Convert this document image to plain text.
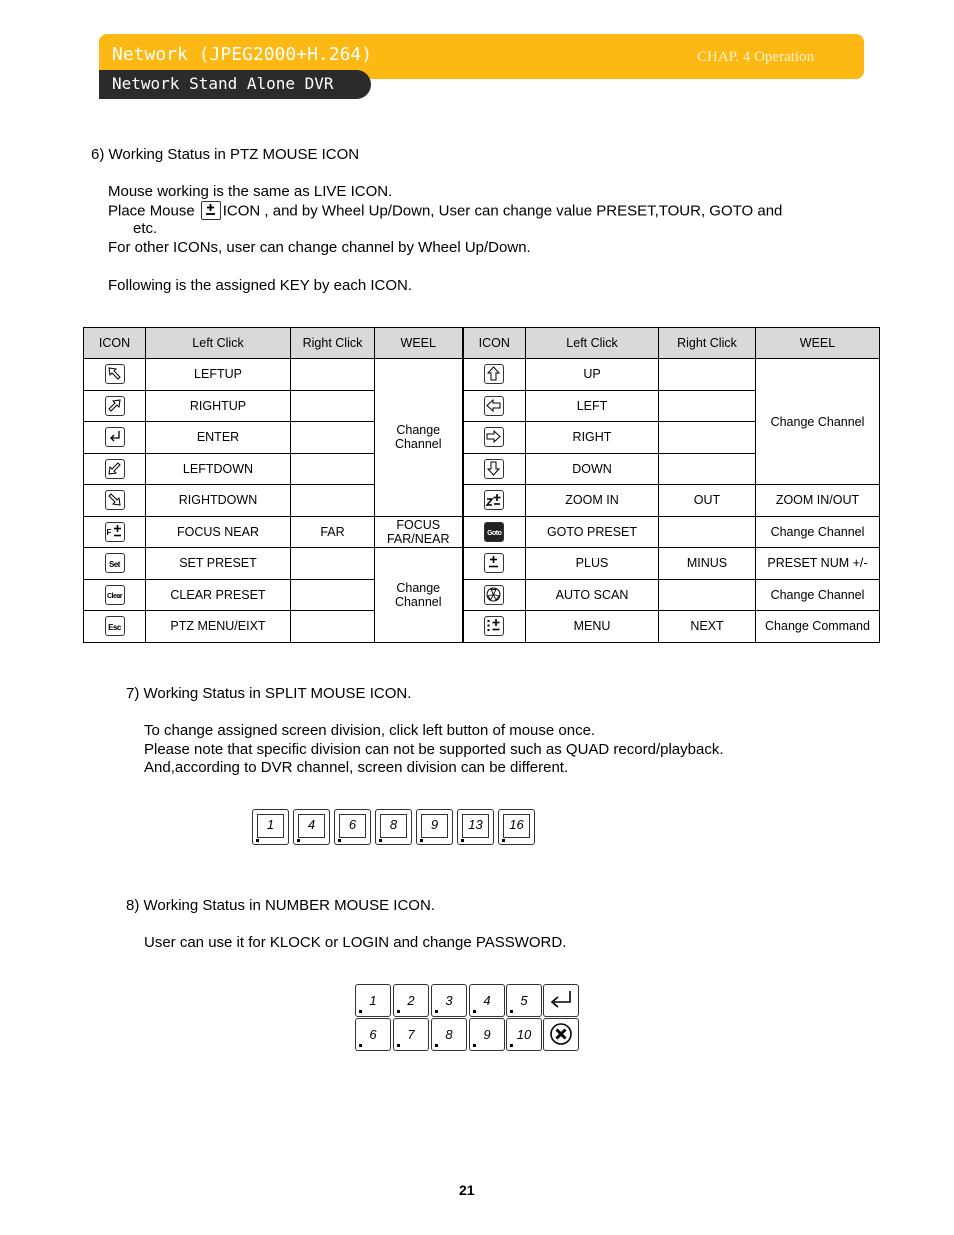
Network (JPEG2000+H.264)	CHAP. 4 Operation
Network Stand Alone DVR
6) Working Status in PTZ MOUSE ICON
Mouse working is the same as LIVE ICON.
Place Mouse ICON , and by Wheel Up/Down, User can change value PRESET,TOUR, GOTO and
etc.
For other ICONs, user can change channel by Wheel Up/Down.
Following is the assigned KEY by each ICON.
ICON	Left Click	Right Click	WEEL	ICON	Left Click	Right Click	WEEL

	LEFTUP		Change Channel		UP		Change Channel

	RIGHTUP				LEFT		

	ENTER				RIGHT		

	LEFTDOWN				DOWN		

	RIGHTDOWN				ZOOM IN	OUT	ZOOM IN/OUT

F	FOCUS NEAR	FAR	FOCUS FAR/NEAR	Goto	GOTO PRESET		Change Channel

Set	SET PRESET		Change Channel		PLUS	MINUS	PRESET NUM +/-

Clear	CLEAR PRESET				AUTO SCAN		Change Channel

Esc	PTZ MENU/EIXT				MENU	NEXT	Change Command
7) Working Status in SPLIT MOUSE ICON.
To change assigned screen division, click left button of mouse once.
Please note that specific division can not be supported such as QUAD record/playback.
And,according to DVR channel, screen division can be different.
1	4	6	8	9	13	16
8) Working Status in NUMBER MOUSE ICON.
User can use it for KLOCK or LOGIN and change PASSWORD.
1	2	3	4	5
6	7	8	9	10
21
